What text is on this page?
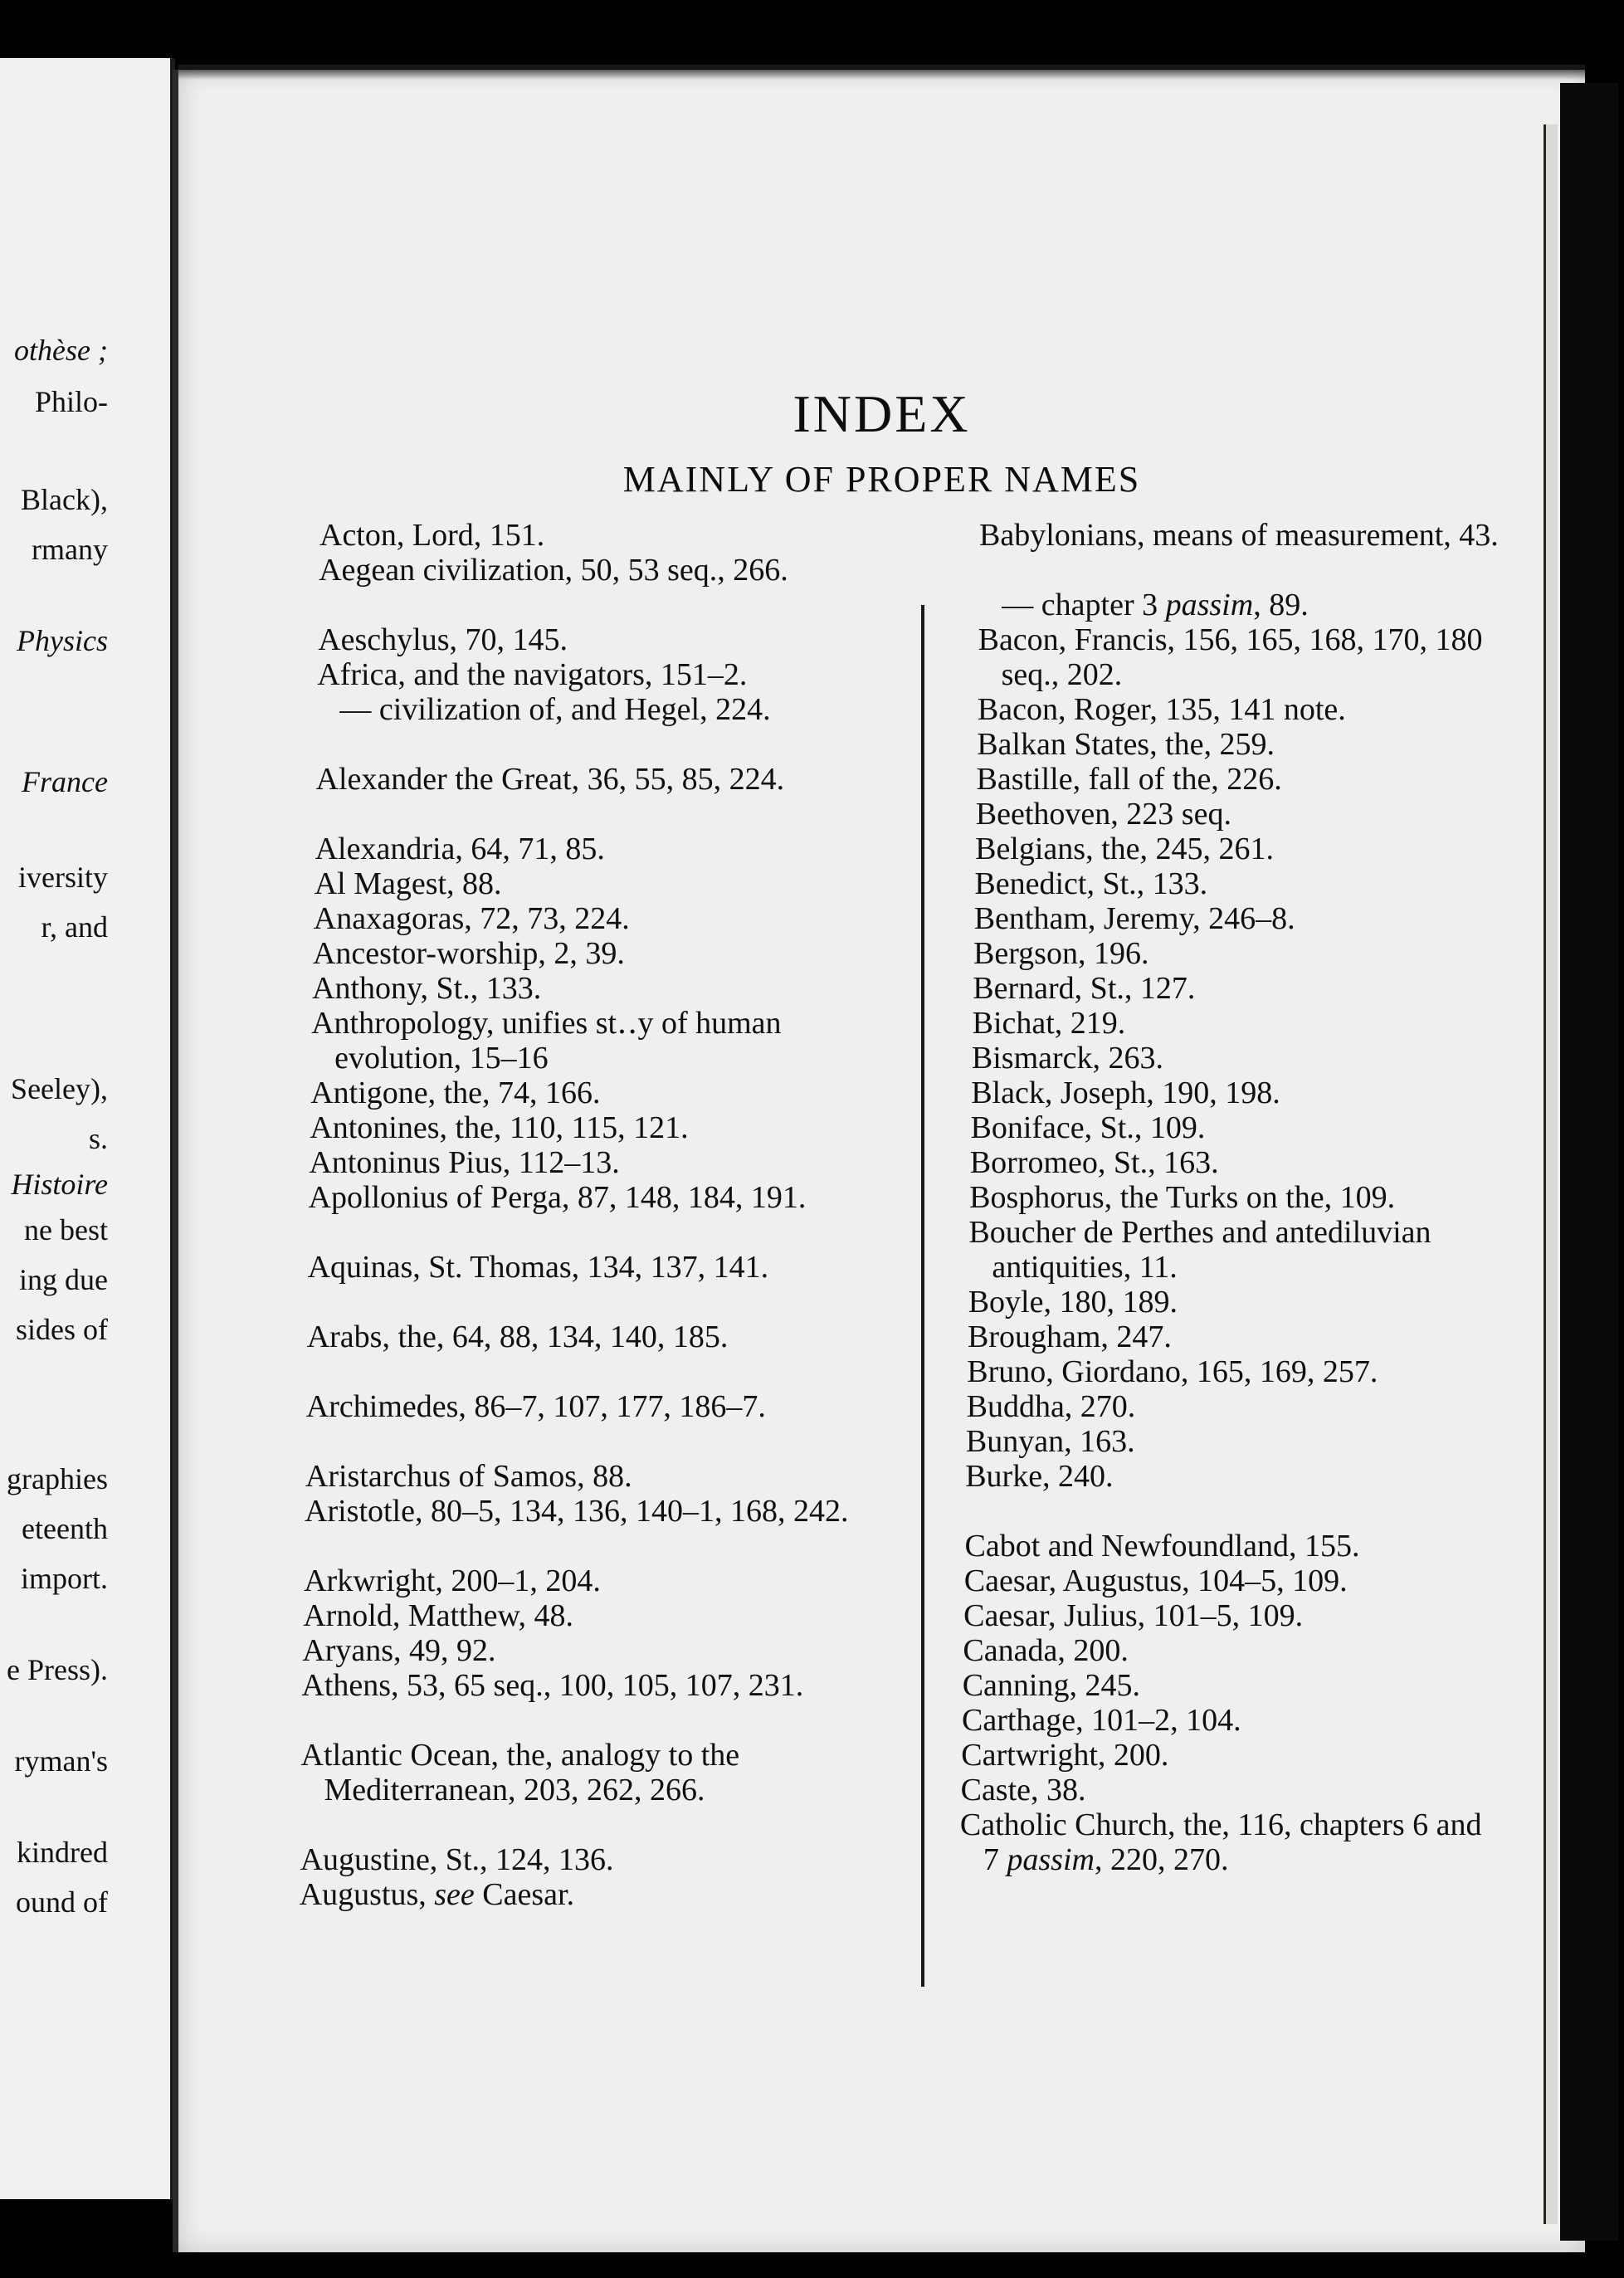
othèse ;
Philo-
Black),
rmany
Physics
France
iversity
r, and
Seeley),
s.
Histoire
ne best
ing due
sides of
graphies
eteenth
import.
e Press).
ryman's
kindred
ound of
INDEX
MAINLY OF PROPER NAMES
Acton, Lord, 151.
Aegean civilization, 50, 53 seq., 266.
Aeschylus, 70, 145.
Africa, and the navigators, 151–2.
— civilization of, and Hegel, 224.
Alexander the Great, 36, 55, 85, 224.
Alexandria, 64, 71, 85.
Al Magest, 88.
Anaxagoras, 72, 73, 224.
Ancestor-worship, 2, 39.
Anthony, St., 133.
Anthropology, unifies st‥y of human evolution, 15–16
Antigone, the, 74, 166.
Antonines, the, 110, 115, 121.
Antoninus Pius, 112–13.
Apollonius of Perga, 87, 148, 184, 191.
Aquinas, St. Thomas, 134, 137, 141.
Arabs, the, 64, 88, 134, 140, 185.
Archimedes, 86–7, 107, 177, 186–7.
Aristarchus of Samos, 88.
Aristotle, 80–5, 134, 136, 140–1, 168, 242.
Arkwright, 200–1, 204.
Arnold, Matthew, 48.
Aryans, 49, 92.
Athens, 53, 65 seq., 100, 105, 107, 231.
Atlantic Ocean, the, analogy to the Mediterranean, 203, 262, 266.
Augustine, St., 124, 136.
Augustus, see Caesar.
Babylonians, means of measurement, 43.
— chapter 3 passim, 89.
Bacon, Francis, 156, 165, 168, 170, 180 seq., 202.
Bacon, Roger, 135, 141 note.
Balkan States, the, 259.
Bastille, fall of the, 226.
Beethoven, 223 seq.
Belgians, the, 245, 261.
Benedict, St., 133.
Bentham, Jeremy, 246–8.
Bergson, 196.
Bernard, St., 127.
Bichat, 219.
Bismarck, 263.
Black, Joseph, 190, 198.
Boniface, St., 109.
Borromeo, St., 163.
Bosphorus, the Turks on the, 109.
Boucher de Perthes and antediluvian antiquities, 11.
Boyle, 180, 189.
Brougham, 247.
Bruno, Giordano, 165, 169, 257.
Buddha, 270.
Bunyan, 163.
Burke, 240.
Cabot and Newfoundland, 155.
Caesar, Augustus, 104–5, 109.
Caesar, Julius, 101–5, 109.
Canada, 200.
Canning, 245.
Carthage, 101–2, 104.
Cartwright, 200.
Caste, 38.
Catholic Church, the, 116, chapters 6 and 7 passim, 220, 270.
